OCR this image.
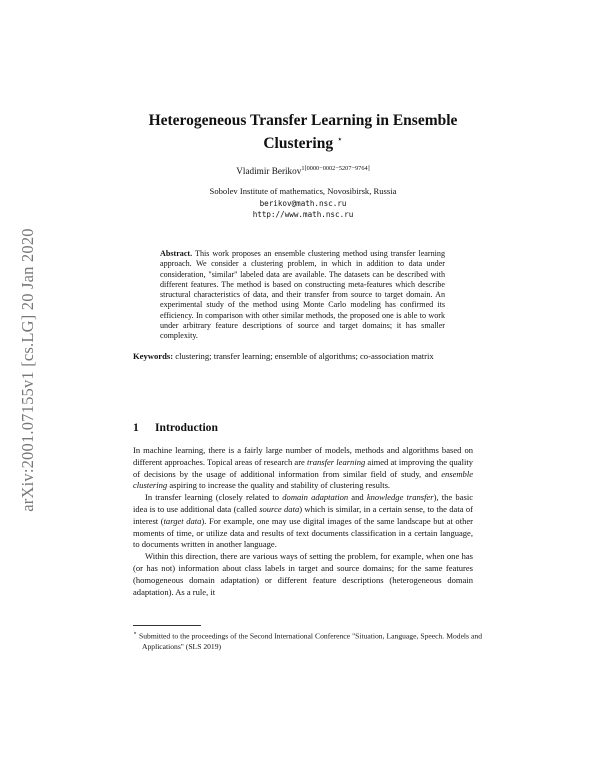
arXiv:2001.07155v1 [cs.LG] 20 Jan 2020
Heterogeneous Transfer Learning in Ensemble Clustering ⋆
Vladimir Berikov$^{1[0000-0002-5207-9764]}$
Sobolev Institute of mathematics, Novosibirsk, Russia
berikov@math.nsc.ru
http://www.math.nsc.ru

Abstract. This work proposes an ensemble clustering method using transfer learning approach. We consider a clustering problem, in which in addition to data under consideration, "similar" labeled data are available. The datasets can be described with different features. The method is based on constructing meta-features which describe structural characteristics of data, and their transfer from source to target domain. An experimental study of the method using Monte Carlo modeling has confirmed its efficiency. In comparison with other similar methods, the proposed one is able to work under arbitrary feature descriptions of source and target domains; it has smaller complexity.

Keywords: clustering; transfer learning; ensemble of algorithms; co-association matrix
1 Introduction

In machine learning, there is a fairly large number of models, methods and algorithms based on different approaches. Topical areas of research are transfer learning aimed at improving the quality of decisions by the usage of additional information from similar field of study, and ensemble clustering aspiring to increase the quality and stability of clustering results.

In transfer learning (closely related to domain adaptation and knowledge transfer), the basic idea is to use additional data (called source data) which is similar, in a certain sense, to the data of interest (target data). For example, one may use digital images of the same landscape but at other moments of time, or utilize data and results of text documents classification in a certain language, to documents written in another language.

Within this direction, there are various ways of setting the problem, for example, when one has (or has not) information about class labels in target and source domains; for the same features (homogeneous domain adaptation) or different feature descriptions (heterogeneous domain adaptation). As a rule, it

⋆ Submitted to the proceedings of the Second International Conference "Situation, Language, Speech. Models and Applications" (SLS 2019)
